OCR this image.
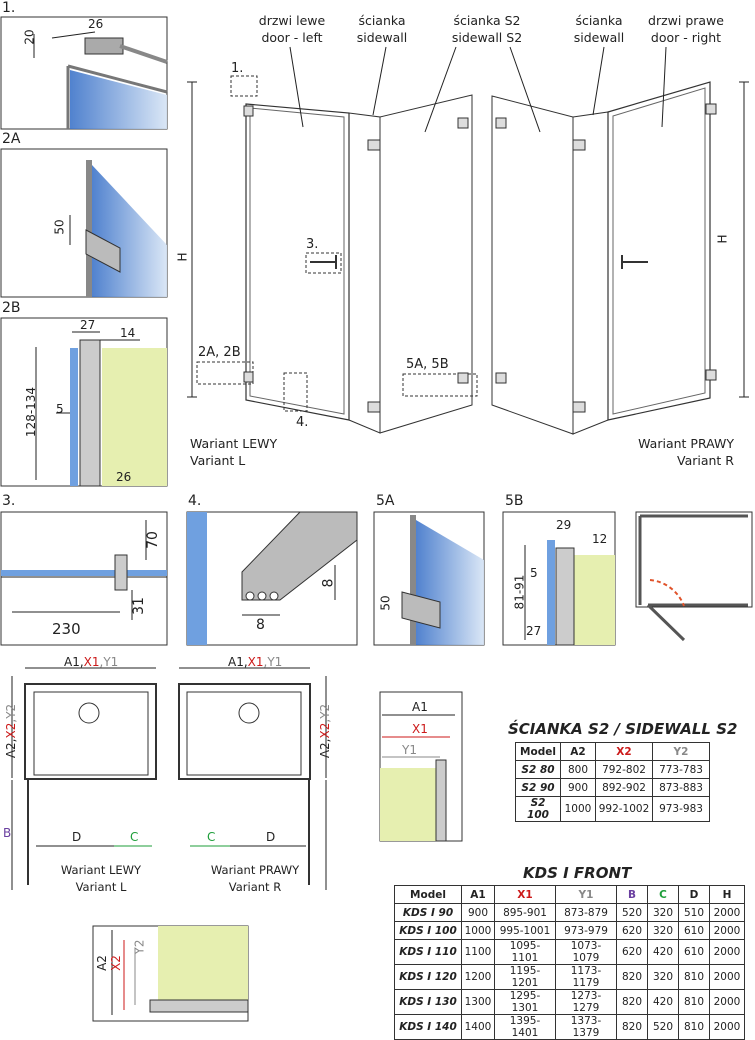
1.
2A
2B
3.	4.	5A	5B
drzwi lewe
door - left
ścianka
sidewall
ścianka S2
sidewall S2
ścianka
sidewall
drzwi prawe
door - right
1.
3.
2A, 2B
4.
5A, 5B
H
H
Wariant LEWY
Variant L
Wariant PRAWY
Variant R
26
20
50
27
14
128-134 5
26
70
31
230	8
8
50
29
12
5
81-91
27
A1,X1,Y1	A1,X1,Y1
A2,X2,Y2
A2,X2,Y2
B	D	C	C	D
Wariant LEWY
Variant L
Wariant PRAWY
Variant R
A1
X1
Y1
A2 X2
Y2
ŚCIANKA S2 / SIDEWALL S2
Model	A2	X2	Y2
S2 80	800	792-802	773-783
S2 90	900	892-902	873-883
S2 100	1000	992-1002	973-983
KDS I FRONT
Model	A1	X1	Y1	B	C	D	H
KDS I 90	900	895-901	873-879	520	320	510	2000
KDS I 100	1000	995-1001	973-979	620	320	610	2000
KDS I 110	1100	1095-1101	1073-1079	620	420	610	2000
KDS I 120	1200	1195-1201	1173-1179	820	320	810	2000
KDS I 130	1300	1295-1301	1273-1279	820	420	810	2000
KDS I 140	1400	1395-1401	1373-1379	820	520	810	2000
